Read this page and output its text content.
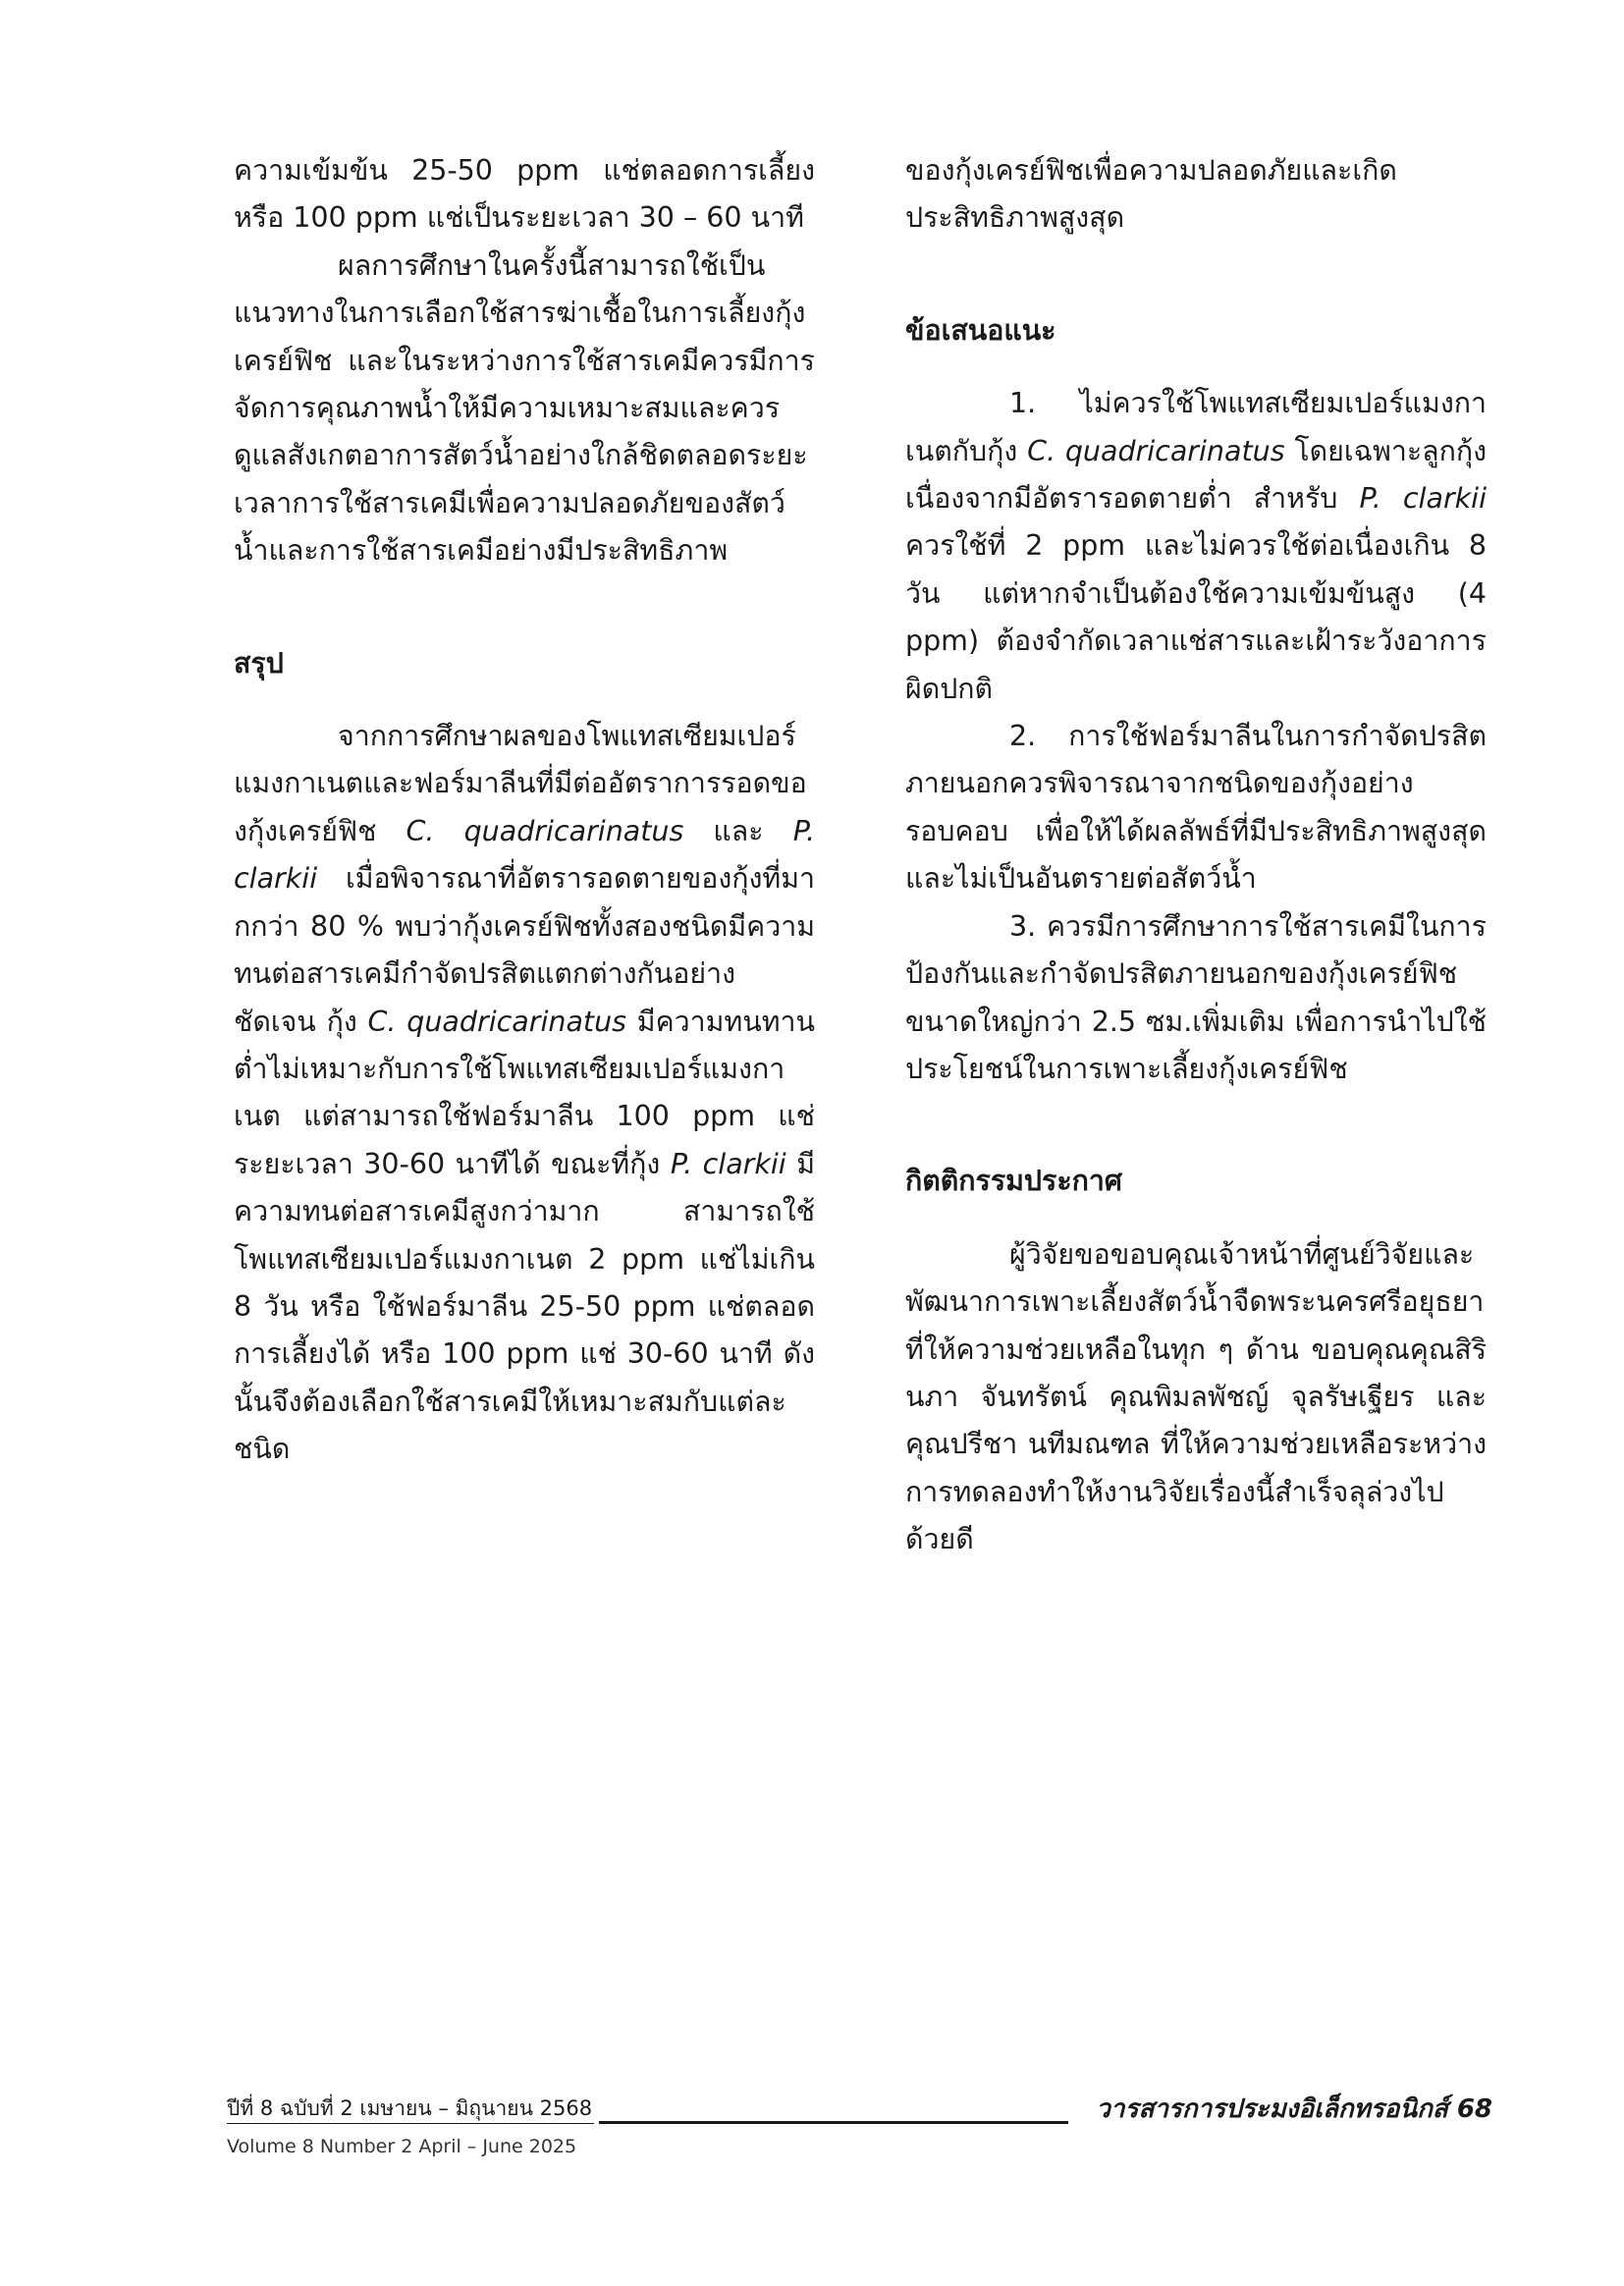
ความเข้มข้น 25-50 ppm แช่ตลอดการเลี้ยง หรือ 100 ppm แช่เป็นระยะเวลา 30 – 60 นาที

ผลการศึกษาในครั้งนี้สามารถใช้เป็นแนวทางในการเลือกใช้สารฆ่าเชื้อในการเลี้ยงกุ้งเครย์ฟิช และในระหว่างการใช้สารเคมีควรมีการจัดการคุณภาพน้ำให้มีความเหมาะสมและควรดูแลสังเกตอาการสัตว์น้ำอย่างใกล้ชิดตลอดระยะเวลาการใช้สารเคมีเพื่อความปลอดภัยของสัตว์น้ำและการใช้สารเคมีอย่างมีประสิทธิภาพ

สรุป

จากการศึกษาผลของโพแทสเซียมเปอร์แมงกาเนตและฟอร์มาลีนที่มีต่ออัตราการรอดของกุ้งเครย์ฟิช C. quadricarinatus และ P. clarkii เมื่อพิจารณาที่อัตรารอดตายของกุ้งที่มากกว่า 80 % พบว่ากุ้งเครย์ฟิชทั้งสองชนิดมีความทนต่อสารเคมีกำจัดปรสิตแตกต่างกันอย่างชัดเจน กุ้ง C. quadricarinatus มีความทนทานต่ำไม่เหมาะกับการใช้โพแทสเซียมเปอร์แมงกาเนต แต่สามารถใช้ฟอร์มาลีน 100 ppm แช่ระยะเวลา 30-60 นาทีได้ ขณะที่กุ้ง P. clarkii มีความทนต่อสารเคมีสูงกว่ามาก สามารถใช้โพแทสเซียมเปอร์แมงกาเนต 2 ppm แช่ไม่เกิน 8 วัน หรือ ใช้ฟอร์มาลีน 25-50 ppm แช่ตลอดการเลี้ยงได้ หรือ 100 ppm แช่ 30-60 นาที ดังนั้นจึงต้องเลือกใช้สารเคมีให้เหมาะสมกับแต่ละชนิด

ของกุ้งเครย์ฟิชเพื่อความปลอดภัยและเกิดประสิทธิภาพสูงสุด

ข้อเสนอแนะ

1. ไม่ควรใช้โพแทสเซียมเปอร์แมงกาเนตกับกุ้ง C. quadricarinatus โดยเฉพาะลูกกุ้ง เนื่องจากมีอัตรารอดตายต่ำ สำหรับ P. clarkii ควรใช้ที่ 2 ppm และไม่ควรใช้ต่อเนื่องเกิน 8 วัน แต่หากจำเป็นต้องใช้ความเข้มข้นสูง (4 ppm) ต้องจำกัดเวลาแช่สารและเฝ้าระวังอาการผิดปกติ

2. การใช้ฟอร์มาลีนในการกำจัดปรสิตภายนอกควรพิจารณาจากชนิดของกุ้งอย่างรอบคอบ เพื่อให้ได้ผลลัพธ์ที่มีประสิทธิภาพสูงสุดและไม่เป็นอันตรายต่อสัตว์น้ำ

3. ควรมีการศึกษาการใช้สารเคมีในการป้องกันและกำจัดปรสิตภายนอกของกุ้งเครย์ฟิชขนาดใหญ่กว่า 2.5 ซม.เพิ่มเติม เพื่อการนำไปใช้ประโยชน์ในการเพาะเลี้ยงกุ้งเครย์ฟิช

กิตติกรรมประกาศ

ผู้วิจัยขอขอบคุณเจ้าหน้าที่ศูนย์วิจัยและพัฒนาการเพาะเลี้ยงสัตว์น้ำจืดพระนครศรีอยุธยาที่ให้ความช่วยเหลือในทุก ๆ ด้าน ขอบคุณคุณสิรินภา จันทรัตน์ คุณพิมลพัชญ์ จุลรัษเฐียร และ คุณปรีชา นทีมณฑล ที่ให้ความช่วยเหลือระหว่างการทดลองทำให้งานวิจัยเรื่องนี้สำเร็จลุล่วงไปด้วยดี

ปีที่ 8 ฉบับที่ 2 เมษายน – มิถุนายน 2568
Volume 8 Number 2 April – June 2025
วารสารการประมงอิเล็กทรอนิกส์ 68
